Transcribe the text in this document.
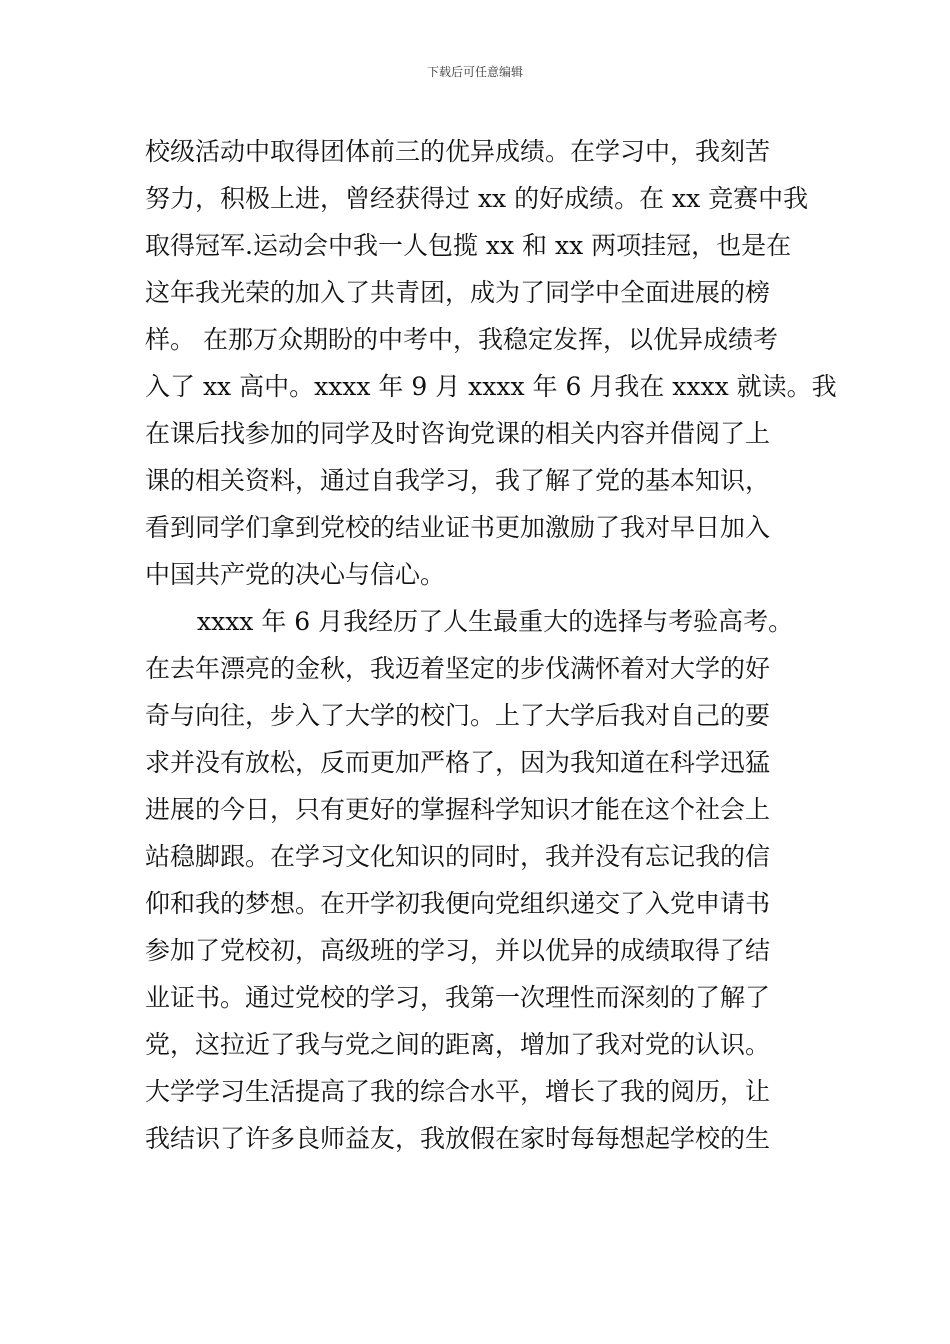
下载后可任意编辑
校级活动中取得团体前三的优异成绩。在学习中，我刻苦
努力，积极上进，曾经获得过 xx 的好成绩。在 xx 竞赛中我
取得冠军.运动会中我一人包揽 xx 和 xx 两项挂冠，也是在
这年我光荣的加入了共青团，成为了同学中全面进展的榜
样。 在那万众期盼的中考中，我稳定发挥，以优异成绩考
入了 xx 高中。xxxx 年 9 月 xxxx 年 6 月我在 xxxx 就读。我
在课后找参加的同学及时咨询党课的相关内容并借阅了上
课的相关资料，通过自我学习，我了解了党的基本知识，
看到同学们拿到党校的结业证书更加激励了我对早日加入
中国共产党的决心与信心。
xxxx 年 6 月我经历了人生最重大的选择与考验高考。
在去年漂亮的金秋，我迈着坚定的步伐满怀着对大学的好
奇与向往，步入了大学的校门。上了大学后我对自己的要
求并没有放松，反而更加严格了，因为我知道在科学迅猛
进展的今日，只有更好的掌握科学知识才能在这个社会上
站稳脚跟。在学习文化知识的同时，我并没有忘记我的信
仰和我的梦想。在开学初我便向党组织递交了入党申请书
参加了党校初，高级班的学习，并以优异的成绩取得了结
业证书。通过党校的学习，我第一次理性而深刻的了解了
党，这拉近了我与党之间的距离，增加了我对党的认识。
大学学习生活提高了我的综合水平，增长了我的阅历，让
我结识了许多良师益友，我放假在家时每每想起学校的生
